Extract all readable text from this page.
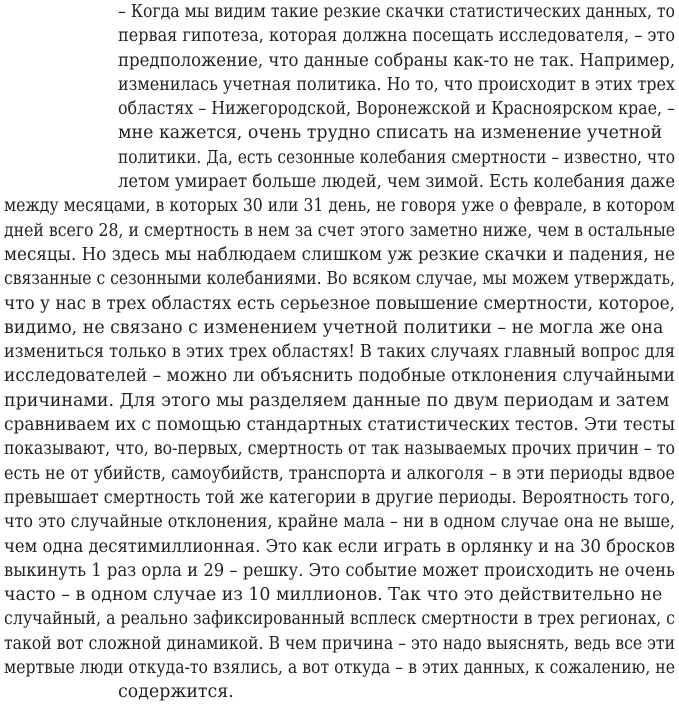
– Когда мы видим такие резкие скачки статистических данных, то
первая гипотеза, которая должна посещать исследователя, – это
предположение, что данные собраны как-то не так. Например,
изменилась учетная политика. Но то, что происходит в этих трех
областях – Нижегородской, Воронежской и Красноярском крае, –
мне кажется, очень трудно списать на изменение учетной
политики. Да, есть сезонные колебания смертности – известно, что
летом умирает больше людей, чем зимой. Есть колебания даже
между месяцами, в которых 30 или 31 день, не говоря уже о феврале, в котором
дней всего 28, и смертность в нем за счет этого заметно ниже, чем в остальные
месяцы. Но здесь мы наблюдаем слишком уж резкие скачки и падения, не
связанные с сезонными колебаниями. Во всяком случае, мы можем утверждать,
что у нас в трех областях есть серьезное повышение смертности, которое,
видимо, не связано с изменением учетной политики – не могла же она
измениться только в этих трех областях! В таких случаях главный вопрос для
исследователей – можно ли объяснить подобные отклонения случайными
причинами. Для этого мы разделяем данные по двум периодам и затем
сравниваем их с помощью стандартных статистических тестов. Эти тесты
показывают, что, во-первых, смертность от так называемых прочих причин – то
есть не от убийств, самоубийств, транспорта и алкоголя – в эти периоды вдвое
превышает смертность той же категории в другие периоды. Вероятность того,
что это случайные отклонения, крайне мала – ни в одном случае она не выше,
чем одна десятимиллионная. Это как если играть в орлянку и на 30 бросков
выкинуть 1 раз орла и 29 – решку. Это событие может происходить не очень
часто – в одном случае из 10 миллионов. Так что это действительно не
случайный, а реально зафиксированный всплеск смертности в трех регионах, с
такой вот сложной динамикой. В чем причина – это надо выяснять, ведь все эти
мертвые люди откуда-то взялись, а вот откуда – в этих данных, к сожалению, не
содержится.
